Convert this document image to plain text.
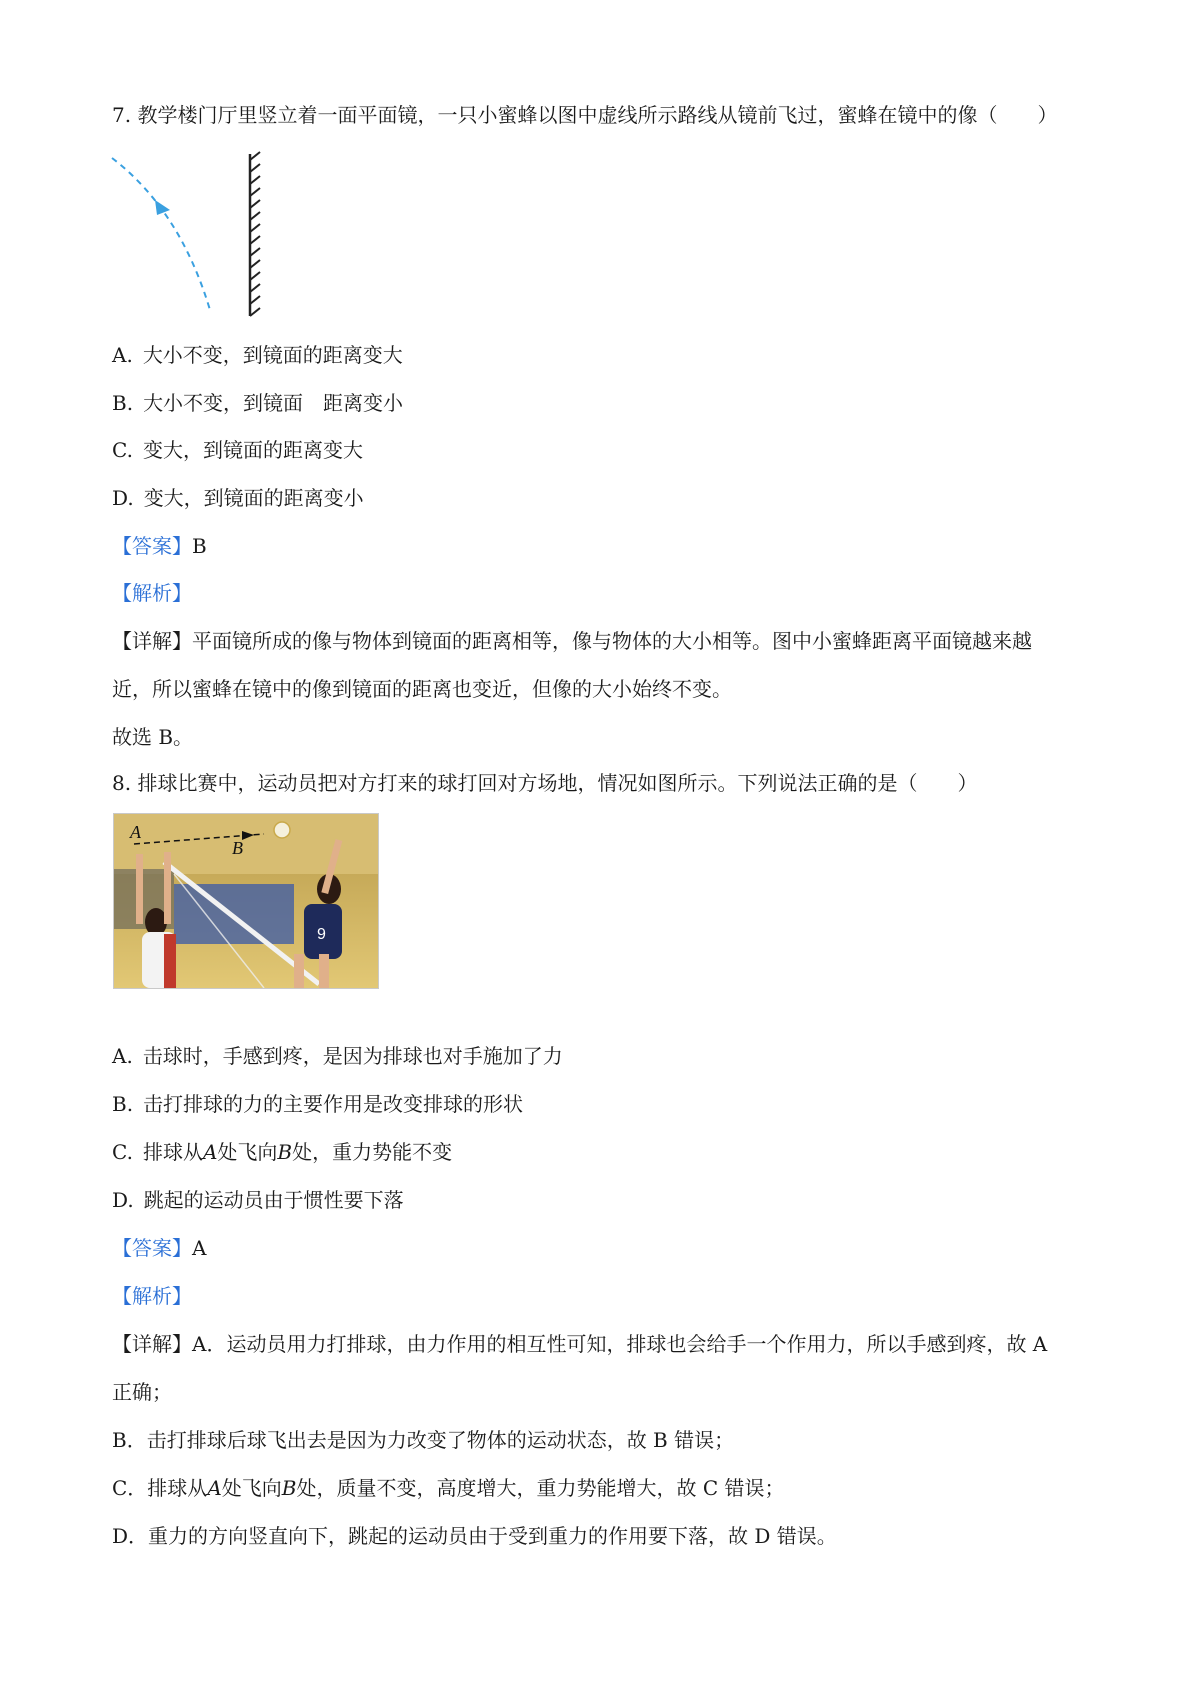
7. 教学楼门厅里竖立着一面平面镜，一只小蜜蜂以图中虚线所示路线从镜前飞过，蜜蜂在镜中的像（　　）
A. 大小不变，到镜面的距离变大
B. 大小不变，到镜面　距离变小
C. 变大，到镜面的距离变大
D. 变大，到镜面的距离变小
【答案】B
【解析】
【详解】平面镜所成的像与物体到镜面的距离相等，像与物体的大小相等。图中小蜜蜂距离平面镜越来越
近，所以蜜蜂在镜中的像到镜面的距离也变近，但像的大小始终不变。
故选 B。
8. 排球比赛中，运动员把对方打来的球打回对方场地，情况如图所示。下列说法正确的是（　　）
9
A
B
A. 击球时，手感到疼，是因为排球也对手施加了力
B. 击打排球的力的主要作用是改变排球的形状
C. 排球从A处飞向B处，重力势能不变
D. 跳起的运动员由于惯性要下落
【答案】A
【解析】
【详解】A．运动员用力打排球，由力作用的相互性可知，排球也会给手一个作用力，所以手感到疼，故 A
正确；
B．击打排球后球飞出去是因为力改变了物体的运动状态，故 B 错误；
C．排球从A处飞向B处，质量不变，高度增大，重力势能增大，故 C 错误；
D．重力的方向竖直向下，跳起的运动员由于受到重力的作用要下落，故 D 错误。
